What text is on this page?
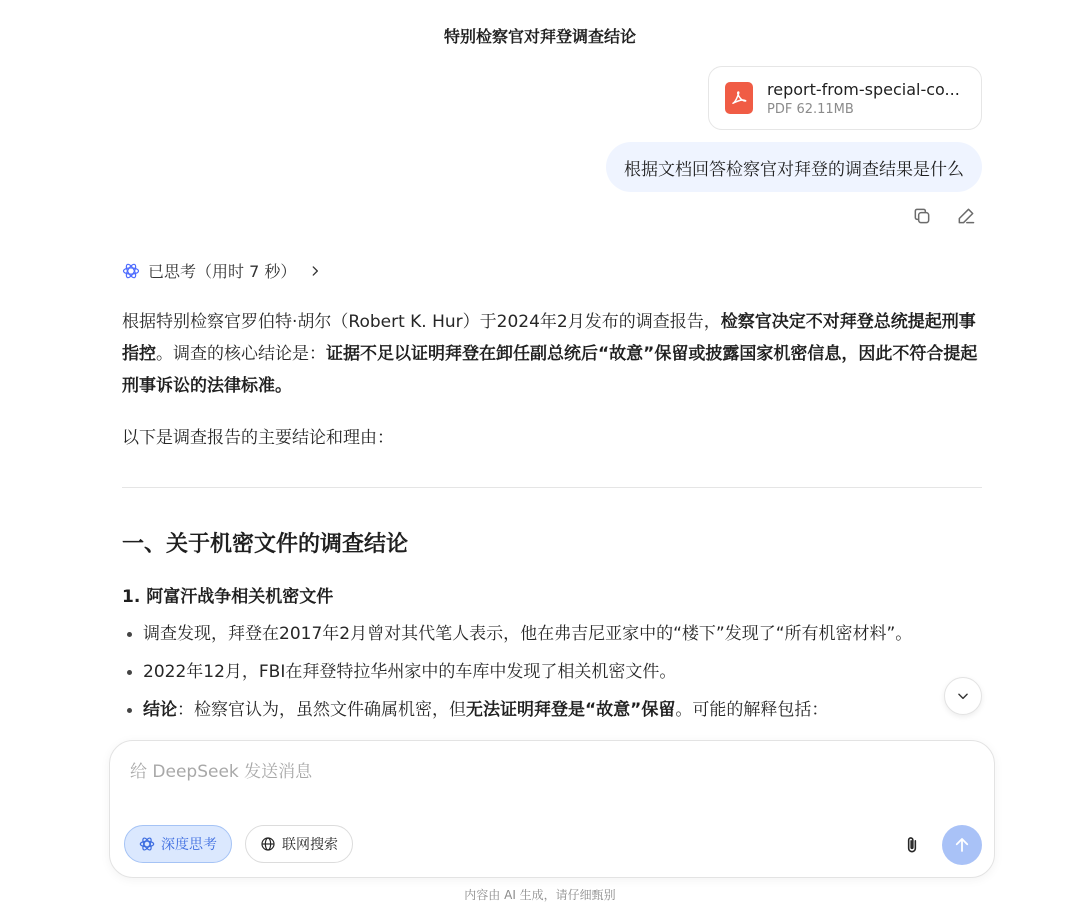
特别检察官对拜登调查结论
report-from-special-co...
PDF 62.11MB
根据文档回答检察官对拜登的调查结果是什么
已思考（用时 7 秒）

根据特别检察官罗伯特·胡尔（Robert K. Hur）于2024年2月发布的调查报告，检察官决定不对拜登总统提起刑事指控。调查的核心结论是：证据不足以证明拜登在卸任副总统后“故意”保留或披露国家机密信息，因此不符合提起刑事诉讼的法律标准。

以下是调查报告的主要结论和理由：

一、关于机密文件的调查结论
1. 阿富汗战争相关机密文件
调查发现，拜登在2017年2月曾对其代笔人表示，他在弗吉尼亚家中的“楼下”发现了“所有机密材料”。
2022年12月，FBI在拜登特拉华州家中的车库中发现了相关机密文件。
结论：检察官认为，虽然文件确属机密，但无法证明拜登是“故意”保留。可能的解释包括：
给 DeepSeek 发送消息
深度思考	联网搜索
内容由 AI 生成，请仔细甄别
